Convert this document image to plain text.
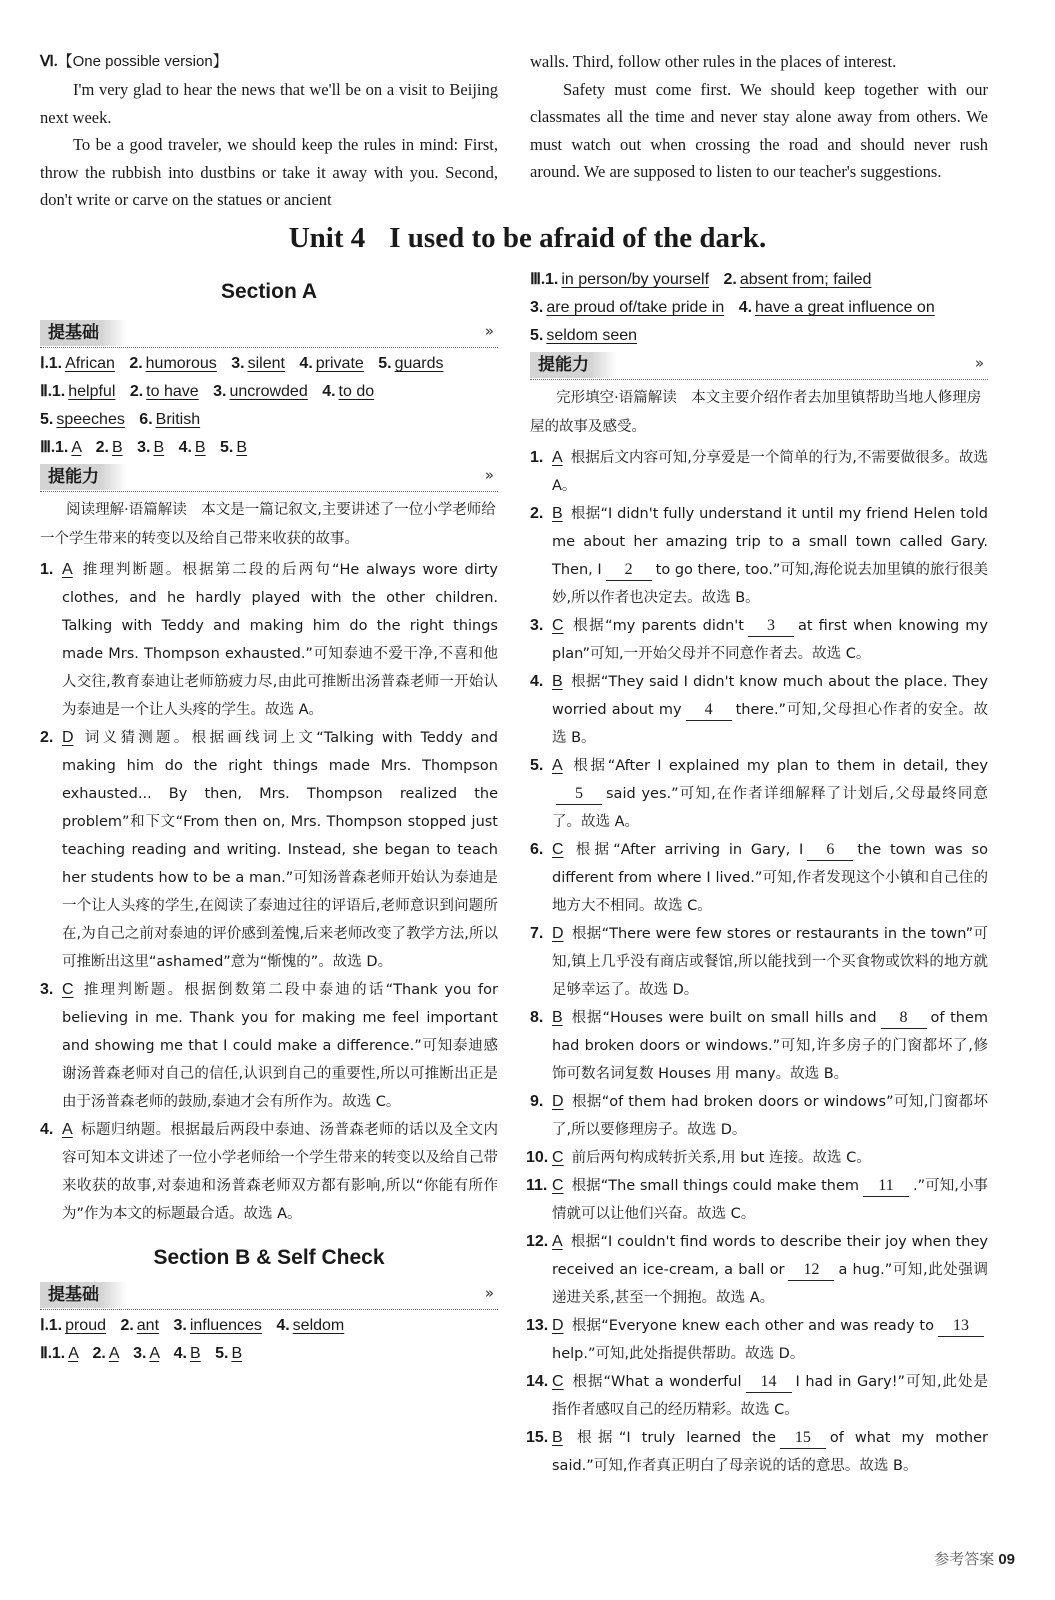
Ⅵ.【One possible version】

I'm very glad to hear the news that we'll be on a visit to Beijing next week.

To be a good traveler, we should keep the rules in mind: First, throw the rubbish into dustbins or take it away with you. Second, don't write or carve on the statues or ancient

walls. Third, follow other rules in the places of interest.

Safety must come first. We should keep together with our classmates all the time and never stay alone away from others. We must watch out when crossing the road and should never rush around. We are supposed to listen to our teacher's suggestions.

Unit 4 I used to be afraid of the dark.
Section A
提基础	»
Ⅰ.1. African 2. humorous 3. silent 4. private 5. guards
Ⅱ.1. helpful 2. to have 3. uncrowded 4. to do
5. speeches 6. British
Ⅲ.1. A 2. B 3. B 4. B 5. B
提能力	»

阅读理解·语篇解读　 本文是一篇记叙文,主要讲述了一位小学老师给一个学生带来的转变以及给自己带来收获的故事。

1. A 推理判断题。根据第二段的后两句“He always wore dirty clothes, and he hardly played with the other children. Talking with Teddy and making him do the right things made Mrs. Thompson exhausted.”可知泰迪不爱干净,不喜和他人交往,教育泰迪让老师筋疲力尽,由此可推断出汤普森老师一开始认为泰迪是一个让人头疼的学生。故选 A。
2. D 词义猜测题。根据画线词上文“Talking with Teddy and making him do the right things made Mrs. Thompson exhausted... By then, Mrs. Thompson realized the problem”和下文“From then on, Mrs. Thompson stopped just teaching reading and writing. Instead, she began to teach her students how to be a man.”可知汤普森老师开始认为泰迪是一个让人头疼的学生,在阅读了泰迪过往的评语后,老师意识到问题所在,为自己之前对泰迪的评价感到羞愧,后来老师改变了教学方法,所以可推断出这里“ashamed”意为“惭愧的”。故选 D。
3. C 推理判断题。根据倒数第二段中泰迪的话“Thank you for believing in me. Thank you for making me feel important and showing me that I could make a difference.”可知泰迪感谢汤普森老师对自己的信任,认识到自己的重要性,所以可推断出正是由于汤普森老师的鼓励,泰迪才会有所作为。故选 C。
4. A 标题归纳题。根据最后两段中泰迪、汤普森老师的话以及全文内容可知本文讲述了一位小学老师给一个学生带来的转变以及给自己带来收获的故事,对泰迪和汤普森老师双方都有影响,所以“你能有所作为”作为本文的标题最合适。故选 A。
Section B & Self Check
提基础	»
Ⅰ.1. proud 2. ant 3. influences 4. seldom
Ⅱ.1. A 2. A 3. A 4. B 5. B
Ⅲ.1. in person/by yourself 2. absent from; failed
3. are proud of/take pride in 4. have a great influence on
5. seldom seen
提能力	»

完形填空·语篇解读　 本文主要介绍作者去加里镇帮助当地人修理房屋的故事及感受。

1. A 根据后文内容可知,分享爱是一个简单的行为,不需要做很多。故选 A。
2. B 根据“I didn't fully understand it until my friend Helen told me about her amazing trip to a small town called Gary. Then, I 2 to go there, too.”可知,海伦说去加里镇的旅行很美妙,所以作者也决定去。故选 B。
3. C 根据“my parents didn't 3 at first when knowing my plan”可知,一开始父母并不同意作者去。故选 C。
4. B 根据“They said I didn't know much about the place. They worried about my 4 there.”可知,父母担心作者的安全。故选 B。
5. A 根据“After I explained my plan to them in detail, they5 said yes.”可知,在作者详细解释了计划后,父母最终同意了。故选 A。
6. C 根据“After arriving in Gary, I 6 the town was so different from where I lived.”可知,作者发现这个小镇和自己住的地方大不相同。故选 C。
7. D 根据“There were few stores or restaurants in the town”可知,镇上几乎没有商店或餐馆,所以能找到一个买食物或饮料的地方就足够幸运了。故选 D。
8. B 根据“Houses were built on small hills and 8 of them had broken doors or windows.”可知,许多房子的门窗都坏了,修饰可数名词复数 Houses 用 many。故选 B。
9. D 根据“of them had broken doors or windows”可知,门窗都坏了,所以要修理房子。故选 D。
10. C 前后两句构成转折关系,用 but 连接。故选 C。
11. C 根据“The small things could make them 11 .”可知,小事情就可以让他们兴奋。故选 C。
12. A 根据“I couldn't find words to describe their joy when they received an ice-cream, a ball or 12 a hug.”可知,此处强调递进关系,甚至一个拥抱。故选 A。
13. D 根据“Everyone knew each other and was ready to 13help.”可知,此处指提供帮助。故选 D。
14. C 根据“What a wonderful 14 I had in Gary!”可知,此处是指作者感叹自己的经历精彩。故选 C。
15. B 根据“I truly learned the 15 of what my mother said.”可知,作者真正明白了母亲说的话的意思。故选 B。
参考答案 09
